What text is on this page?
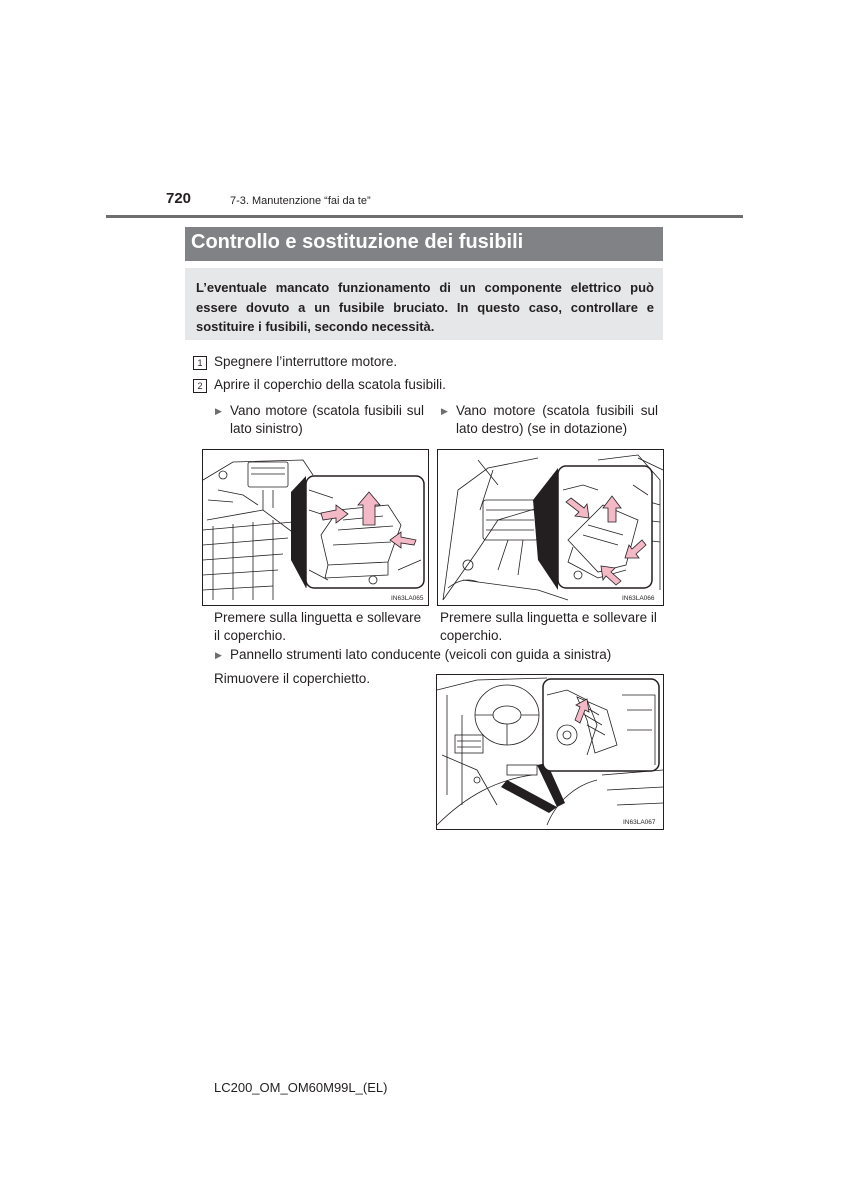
720	7-3. Manutenzione “fai da te”
Controllo e sostituzione dei fusibili
L’eventuale mancato funzionamento di un componente elettrico può essere dovuto a un fusibile bruciato. In questo caso, controllare e sostituire i fusibili, secondo necessità.
1 Spegnere l’interruttore motore.
2 Aprire il coperchio della scatola fusibili.
▶ Vano motore (scatola fusibili sul lato sinistro)
▶ Vano motore (scatola fusibili sul lato destro) (se in dotazione)
IN63LA065	IN63LA066
Premere sulla linguetta e sollevare il coperchio.
Premere sulla linguetta e sollevare il coperchio.
▶ Pannello strumenti lato conducente (veicoli con guida a sinistra)
Rimuovere il coperchietto.
IN63LA067
LC200_OM_OM60M99L_(EL)
